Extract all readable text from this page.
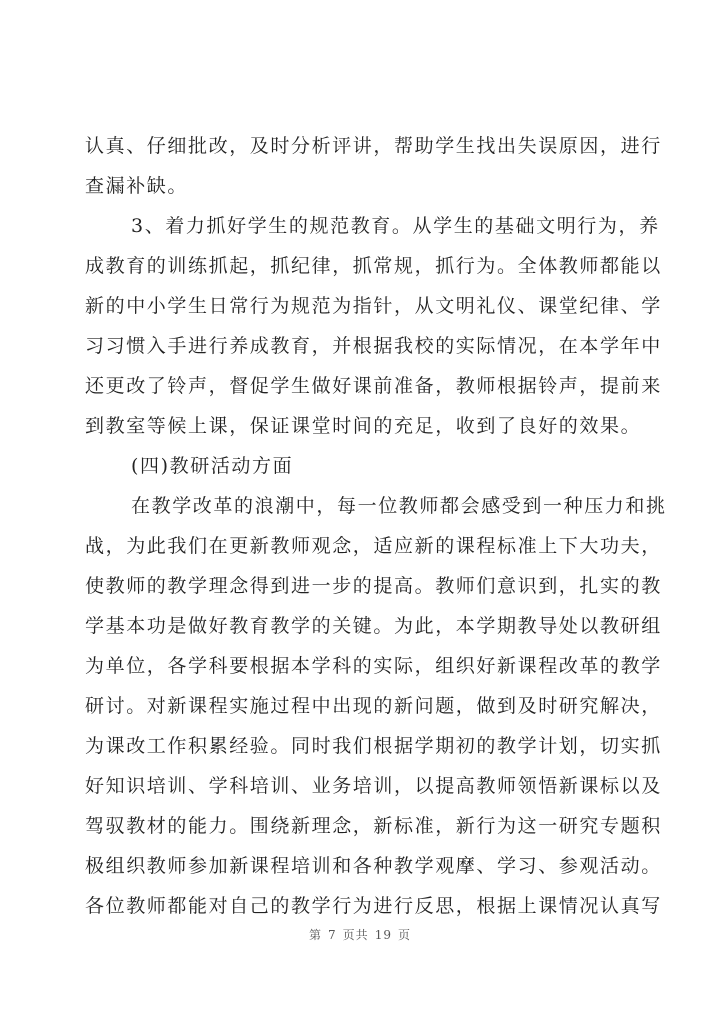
认真、仔细批改，及时分析评讲，帮助学生找出失误原因，进行
查漏补缺。
3、着力抓好学生的规范教育。从学生的基础文明行为，养
成教育的训练抓起，抓纪律，抓常规，抓行为。全体教师都能以
新的中小学生日常行为规范为指针，从文明礼仪、课堂纪律、学
习习惯入手进行养成教育，并根据我校的实际情况，在本学年中
还更改了铃声，督促学生做好课前准备，教师根据铃声，提前来
到教室等候上课，保证课堂时间的充足，收到了良好的效果。
(四)教研活动方面
在教学改革的浪潮中，每一位教师都会感受到一种压力和挑
战，为此我们在更新教师观念，适应新的课程标准上下大功夫，
使教师的教学理念得到进一步的提高。教师们意识到，扎实的教
学基本功是做好教育教学的关键。为此，本学期教导处以教研组
为单位，各学科要根据本学科的实际，组织好新课程改革的教学
研讨。对新课程实施过程中出现的新问题，做到及时研究解决，
为课改工作积累经验。同时我们根据学期初的教学计划，切实抓
好知识培训、学科培训、业务培训，以提高教师领悟新课标以及
驾驭教材的能力。围绕新理念，新标准，新行为这一研究专题积
极组织教师参加新课程培训和各种教学观摩、学习、参观活动。
各位教师都能对自己的教学行为进行反思，根据上课情况认真写
第 7 页共 19 页
